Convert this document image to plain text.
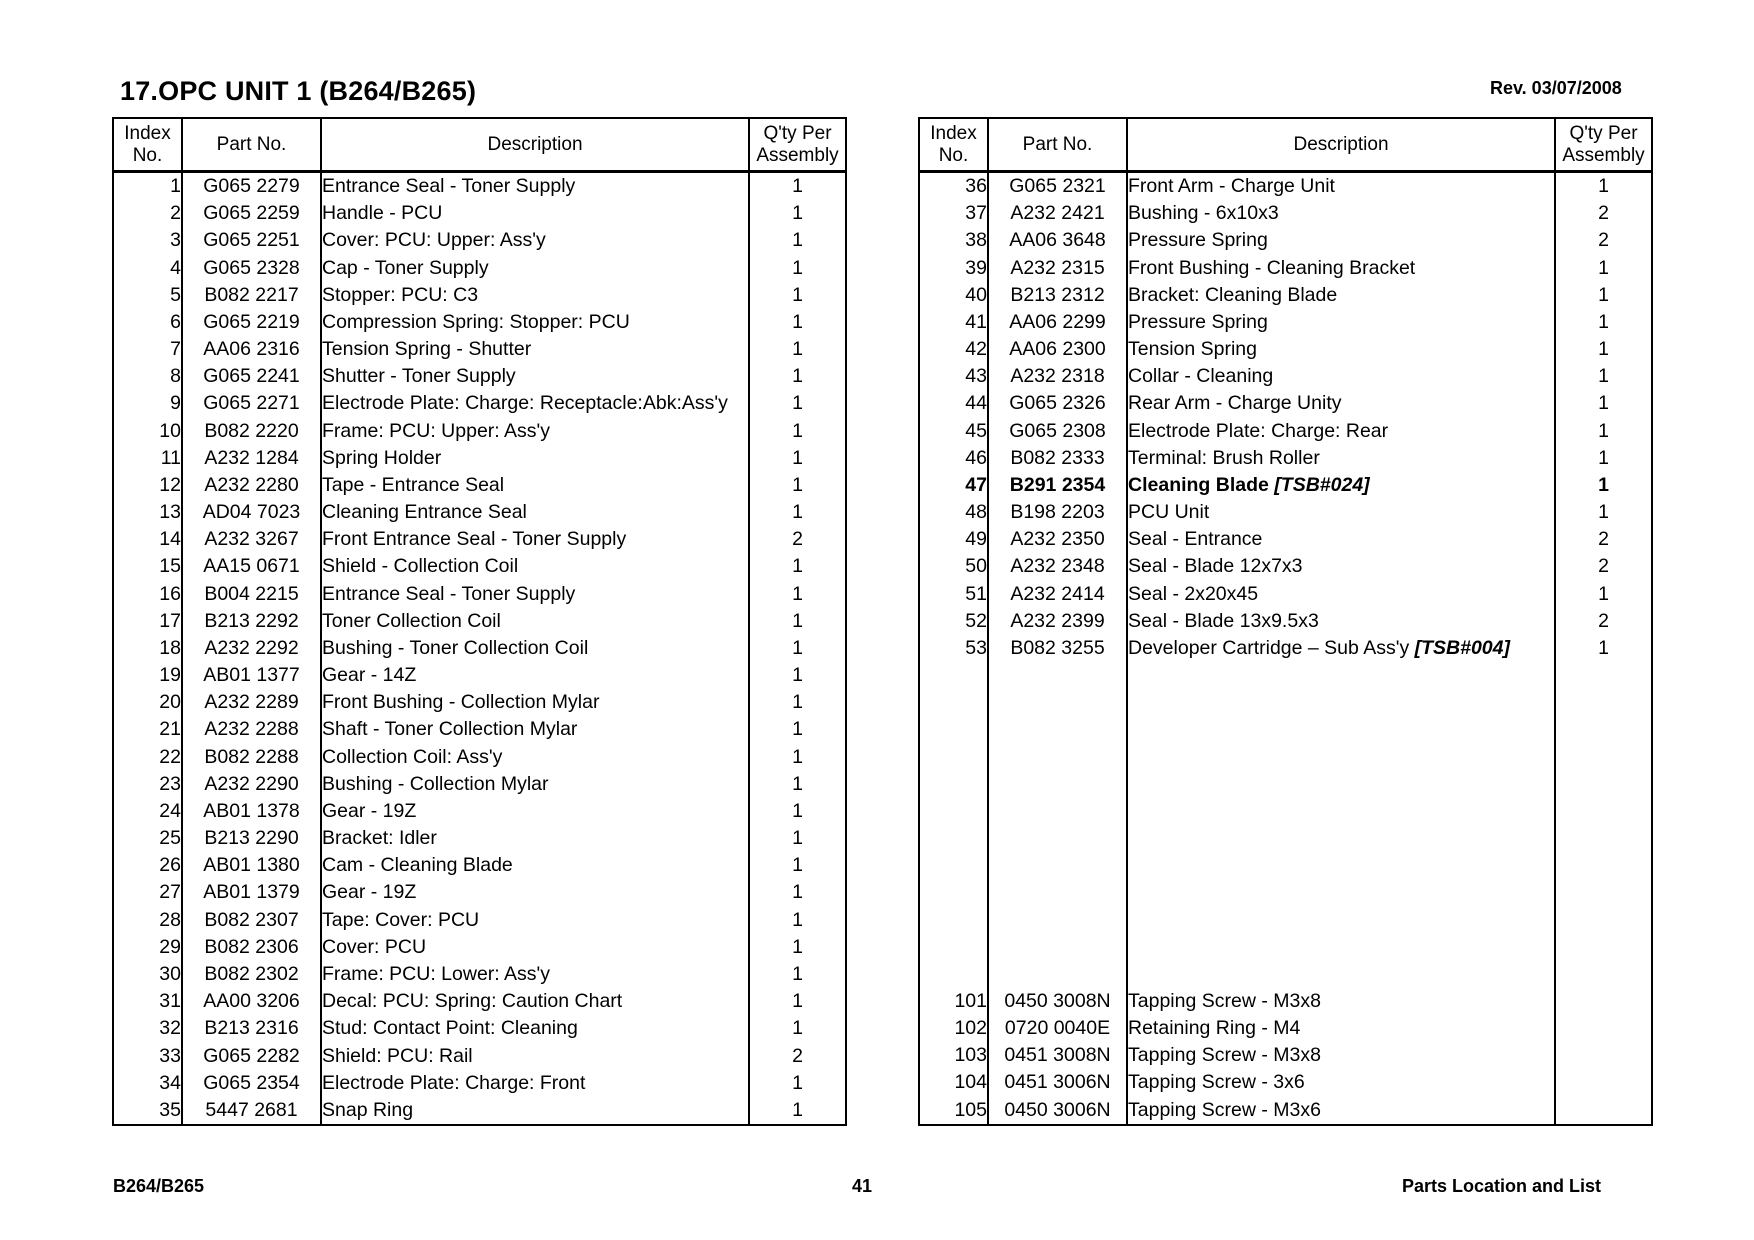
17.OPC UNIT 1 (B264/B265)	Rev. 03/07/2008
Index
No.	Part No.	Description	Q'ty Per
Assembly
1	G065 2279	Entrance Seal - Toner Supply	1
2	G065 2259	Handle - PCU	1
3	G065 2251	Cover: PCU: Upper: Ass'y	1
4	G065 2328	Cap - Toner Supply	1
5	B082 2217	Stopper: PCU: C3	1
6	G065 2219	Compression Spring: Stopper: PCU	1
7	AA06 2316	Tension Spring - Shutter	1
8	G065 2241	Shutter - Toner Supply	1
9	G065 2271	Electrode Plate: Charge: Receptacle:Abk:Ass'y	1
10	B082 2220	Frame: PCU: Upper: Ass'y	1
11	A232 1284	Spring Holder	1
12	A232 2280	Tape - Entrance Seal	1
13	AD04 7023	Cleaning Entrance Seal	1
14	A232 3267	Front Entrance Seal - Toner Supply	2
15	AA15 0671	Shield - Collection Coil	1
16	B004 2215	Entrance Seal - Toner Supply	1
17	B213 2292	Toner Collection Coil	1
18	A232 2292	Bushing - Toner Collection Coil	1
19	AB01 1377	Gear - 14Z	1
20	A232 2289	Front Bushing - Collection Mylar	1
21	A232 2288	Shaft - Toner Collection Mylar	1
22	B082 2288	Collection Coil: Ass'y	1
23	A232 2290	Bushing - Collection Mylar	1
24	AB01 1378	Gear - 19Z	1
25	B213 2290	Bracket: Idler	1
26	AB01 1380	Cam - Cleaning Blade	1
27	AB01 1379	Gear - 19Z	1
28	B082 2307	Tape: Cover: PCU	1
29	B082 2306	Cover: PCU	1
30	B082 2302	Frame: PCU: Lower: Ass'y	1
31	AA00 3206	Decal: PCU: Spring: Caution Chart	1
32	B213 2316	Stud: Contact Point: Cleaning	1
33	G065 2282	Shield: PCU: Rail	2
34	G065 2354	Electrode Plate: Charge: Front	1
35	5447 2681	Snap Ring	1
Index
No.	Part No.	Description	Q'ty Per
Assembly
36	G065 2321	Front Arm - Charge Unit	1
37	A232 2421	Bushing - 6x10x3	2
38	AA06 3648	Pressure Spring	2
39	A232 2315	Front Bushing - Cleaning Bracket	1
40	B213 2312	Bracket: Cleaning Blade	1
41	AA06 2299	Pressure Spring	1
42	AA06 2300	Tension Spring	1
43	A232 2318	Collar - Cleaning	1
44	G065 2326	Rear Arm - Charge Unity	1
45	G065 2308	Electrode Plate: Charge: Rear	1
46	B082 2333	Terminal: Brush Roller	1
47	B291 2354	Cleaning Blade [TSB#024]	1
48	B198 2203	PCU Unit	1
49	A232 2350	Seal - Entrance	2
50	A232 2348	Seal - Blade 12x7x3	2
51	A232 2414	Seal - 2x20x45	1
52	A232 2399	Seal - Blade 13x9.5x3	2
53	B082 3255	Developer Cartridge – Sub Ass'y [TSB#004]	1

101	0450 3008N	Tapping Screw - M3x8	
102	0720 0040E	Retaining Ring - M4	
103	0451 3008N	Tapping Screw - M3x8	
104	0451 3006N	Tapping Screw - 3x6	
105	0450 3006N	Tapping Screw - M3x6	
B264/B265	41	Parts Location and List
